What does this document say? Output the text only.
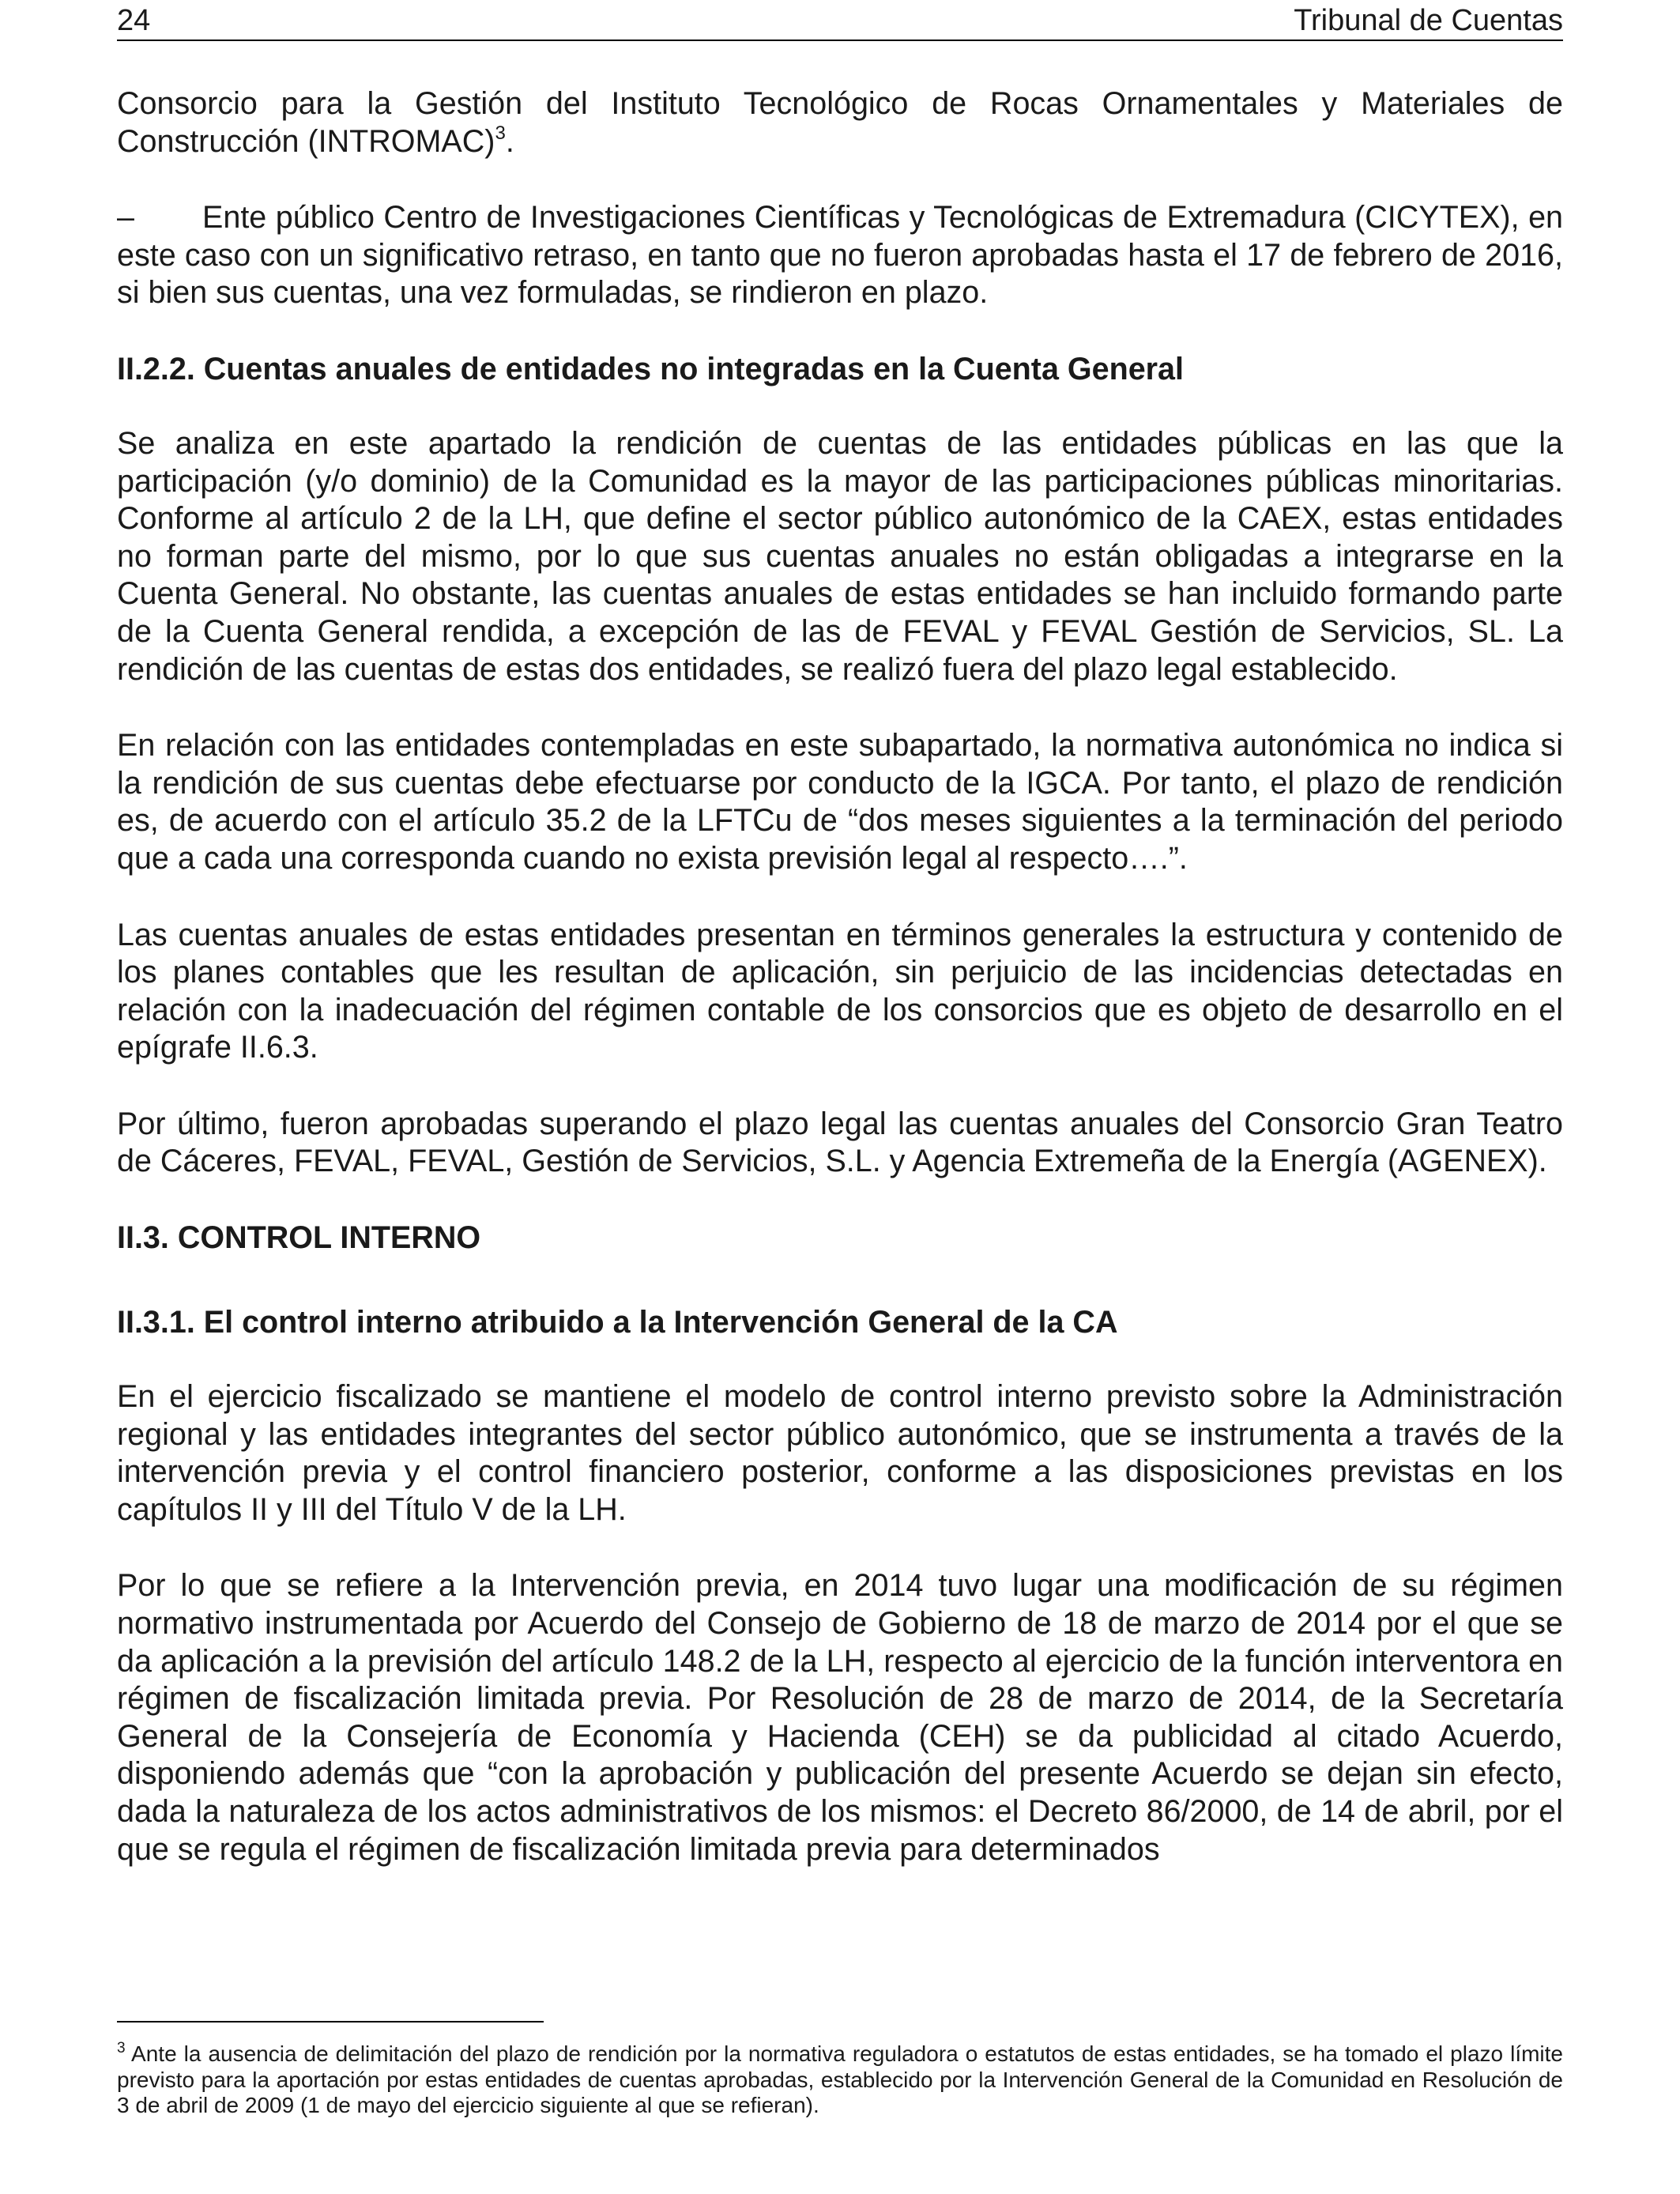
24	Tribunal de Cuentas

Consorcio para la Gestión del Instituto Tecnológico de Rocas Ornamentales y Materiales de Construcción (INTROMAC)$^3$.

– Ente público Centro de Investigaciones Científicas y Tecnológicas de Extremadura (CICYTEX), en este caso con un significativo retraso, en tanto que no fueron aprobadas hasta el 17 de febrero de 2016, si bien sus cuentas, una vez formuladas, se rindieron en plazo.

II.2.2. Cuentas anuales de entidades no integradas en la Cuenta General

Se analiza en este apartado la rendición de cuentas de las entidades públicas en las que la participación (y/o dominio) de la Comunidad es la mayor de las participaciones públicas minoritarias. Conforme al artículo 2 de la LH, que define el sector público autonómico de la CAEX, estas entidades no forman parte del mismo, por lo que sus cuentas anuales no están obligadas a integrarse en la Cuenta General. No obstante, las cuentas anuales de estas entidades se han incluido formando parte de la Cuenta General rendida, a excepción de las de FEVAL y FEVAL Gestión de Servicios, SL. La rendición de las cuentas de estas dos entidades, se realizó fuera del plazo legal establecido.

En relación con las entidades contempladas en este subapartado, la normativa autonómica no indica si la rendición de sus cuentas debe efectuarse por conducto de la IGCA. Por tanto, el plazo de rendición es, de acuerdo con el artículo 35.2 de la LFTCu de “dos meses siguientes a la terminación del periodo que a cada una corresponda cuando no exista previsión legal al respecto….”.

Las cuentas anuales de estas entidades presentan en términos generales la estructura y contenido de los planes contables que les resultan de aplicación, sin perjuicio de las incidencias detectadas en relación con la inadecuación del régimen contable de los consorcios que es objeto de desarrollo en el epígrafe II.6.3.

Por último, fueron aprobadas superando el plazo legal las cuentas anuales del Consorcio Gran Teatro de Cáceres, FEVAL, FEVAL, Gestión de Servicios, S.L. y Agencia Extremeña de la Energía (AGENEX).

II.3. CONTROL INTERNO
II.3.1. El control interno atribuido a la Intervención General de la CA

En el ejercicio fiscalizado se mantiene el modelo de control interno previsto sobre la Administración regional y las entidades integrantes del sector público autonómico, que se instrumenta a través de la intervención previa y el control financiero posterior, conforme a las disposiciones previstas en los capítulos II y III del Título V de la LH.

Por lo que se refiere a la Intervención previa, en 2014 tuvo lugar una modificación de su régimen normativo instrumentada por Acuerdo del Consejo de Gobierno de 18 de marzo de 2014 por el que se da aplicación a la previsión del artículo 148.2 de la LH, respecto al ejercicio de la función interventora en régimen de fiscalización limitada previa. Por Resolución de 28 de marzo de 2014, de la Secretaría General de la Consejería de Economía y Hacienda (CEH) se da publicidad al citado Acuerdo, disponiendo además que “con la aprobación y publicación del presente Acuerdo se dejan sin efecto, dada la naturaleza de los actos administrativos de los mismos: el Decreto 86/2000, de 14 de abril, por el que se regula el régimen de fiscalización limitada previa para determinados

$^3$ Ante la ausencia de delimitación del plazo de rendición por la normativa reguladora o estatutos de estas entidades, se ha tomado el plazo límite previsto para la aportación por estas entidades de cuentas aprobadas, establecido por la Intervención General de la Comunidad en Resolución de 3 de abril de 2009 (1 de mayo del ejercicio siguiente al que se refieran).
